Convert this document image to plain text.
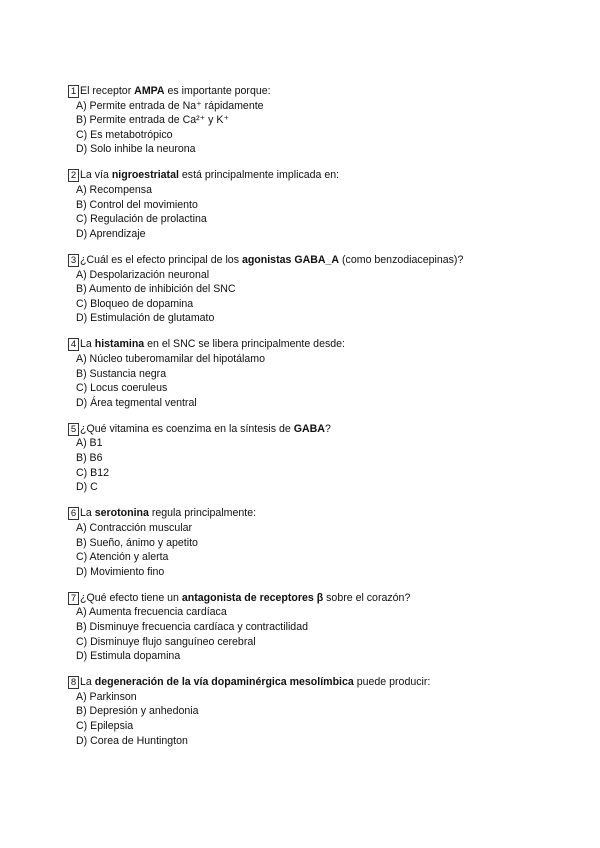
1 El receptor AMPA es importante porque:
A) Permite entrada de Na⁺ rápidamente
B) Permite entrada de Ca²⁺ y K⁺
C) Es metabotrópico
D) Solo inhibe la neurona
2 La vía nigroestriatal está principalmente implicada en:
A) Recompensa
B) Control del movimiento
C) Regulación de prolactina
D) Aprendizaje
3 ¿Cuál es el efecto principal de los agonistas GABA_A (como benzodiacepinas)?
A) Despolarización neuronal
B) Aumento de inhibición del SNC
C) Bloqueo de dopamina
D) Estimulación de glutamato
4 La histamina en el SNC se libera principalmente desde:
A) Núcleo tuberomamilar del hipotálamo
B) Sustancia negra
C) Locus coeruleus
D) Área tegmental ventral
5 ¿Qué vitamina es coenzima en la síntesis de GABA?
A) B1
B) B6
C) B12
D) C
6 La serotonina regula principalmente:
A) Contracción muscular
B) Sueño, ánimo y apetito
C) Atención y alerta
D) Movimiento fino
7 ¿Qué efecto tiene un antagonista de receptores β sobre el corazón?
A) Aumenta frecuencia cardíaca
B) Disminuye frecuencia cardíaca y contractilidad
C) Disminuye flujo sanguíneo cerebral
D) Estimula dopamina
8 La degeneración de la vía dopaminérgica mesolímbica puede producir:
A) Parkinson
B) Depresión y anhedonia
C) Epilepsia
D) Corea de Huntington
